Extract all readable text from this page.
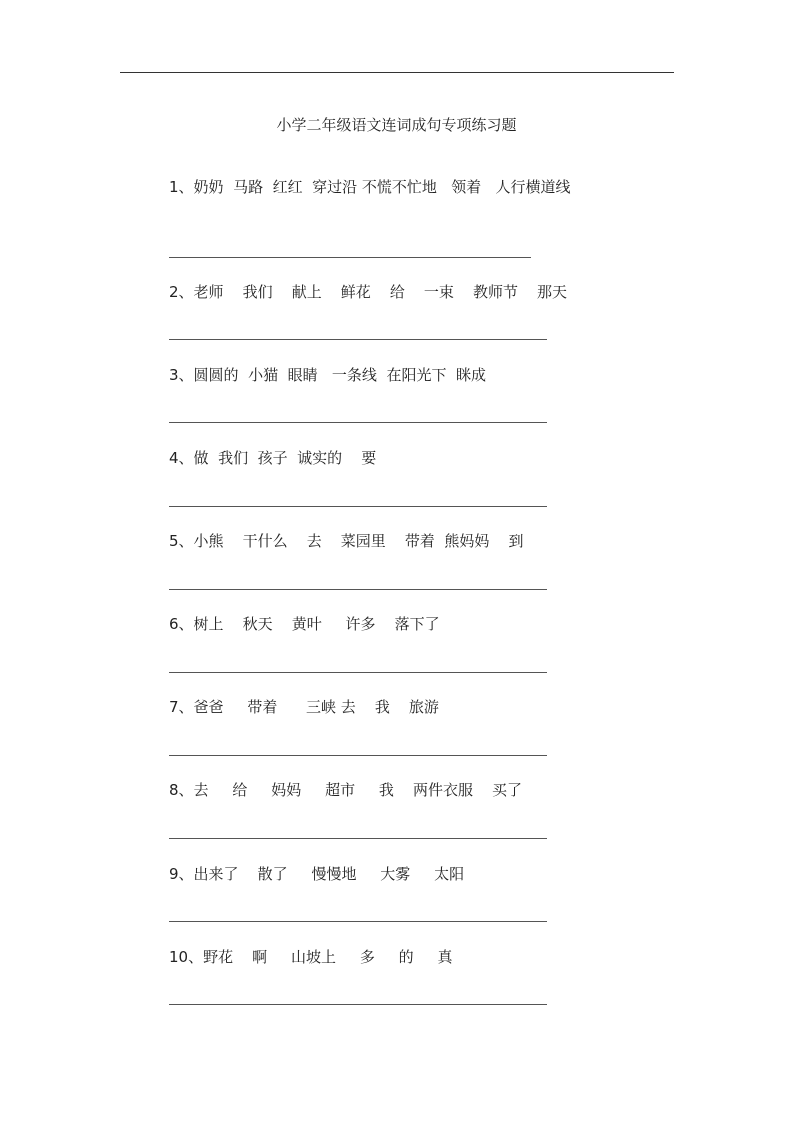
小学二年级语文连词成句专项练习题
1、奶奶  马路  红红  穿过沿 不慌不忙地   领着   人行横道线
2、老师    我们    献上    鲜花    给    一束    教师节    那天
3、圆圆的  小猫  眼睛   一条线  在阳光下  眯成
4、做  我们  孩子  诚实的    要
5、小熊    干什么    去    菜园里    带着  熊妈妈    到
6、树上    秋天    黄叶     许多    落下了
7、爸爸     带着      三峡 去    我    旅游
8、去     给     妈妈     超市     我    两件衣服    买了
9、出来了    散了     慢慢地     大雾     太阳
10、野花    啊     山坡上     多     的     真
